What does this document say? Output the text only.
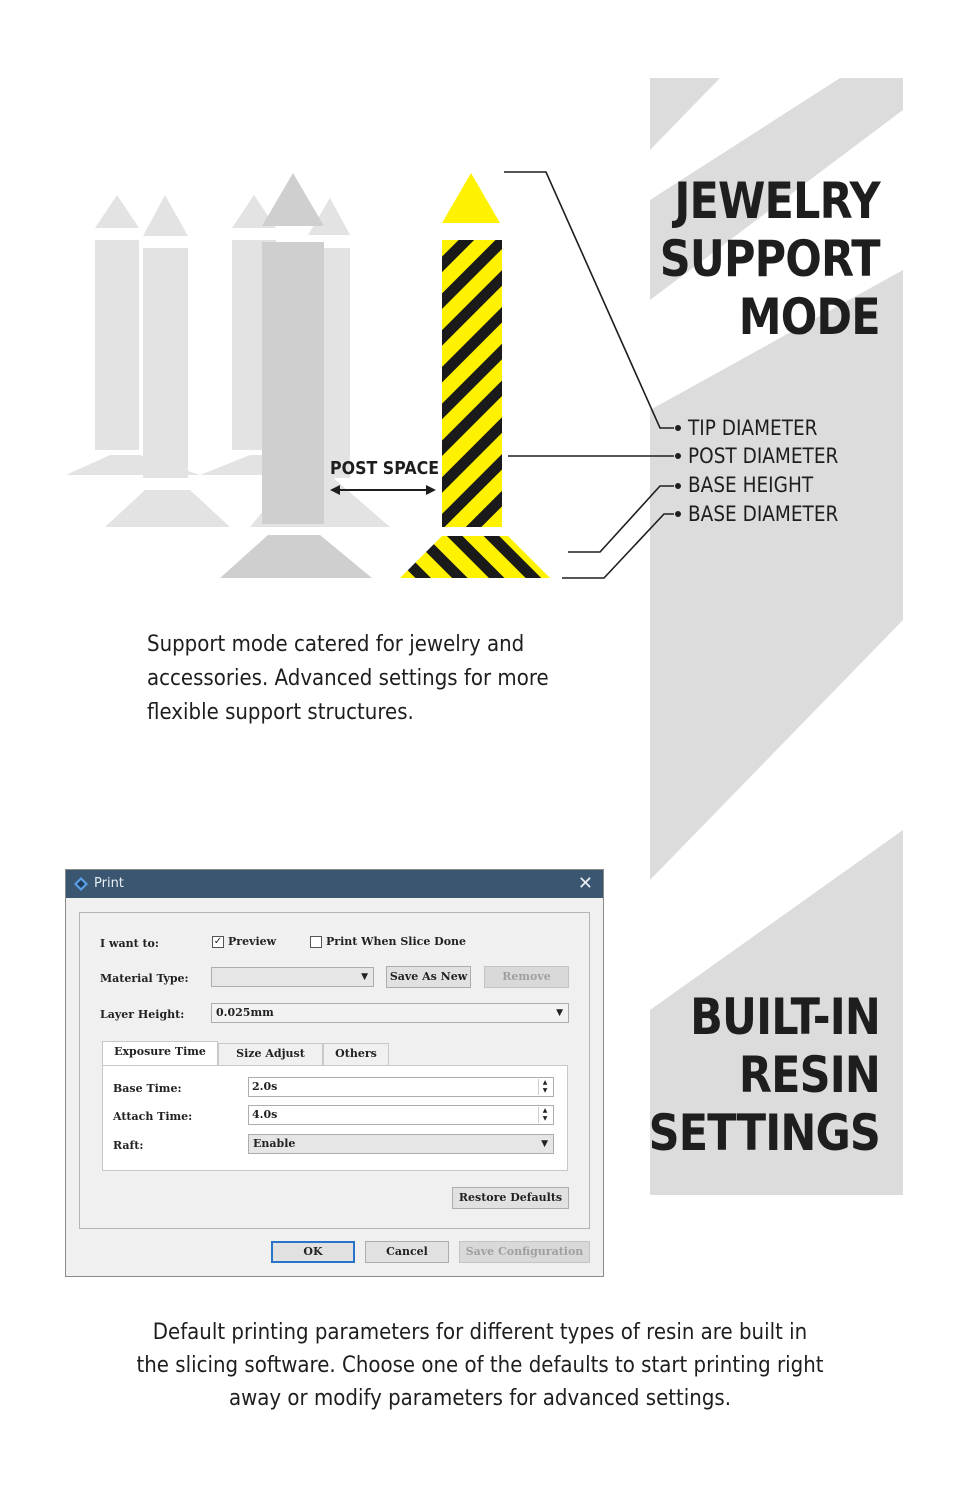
JEWELRY
SUPPORT
MODE
POST SPACE
TIP DIAMETER
POST DIAMETER
BASE HEIGHT
BASE DIAMETER
Support mode catered for jewelry and
accessories. Advanced settings for more
flexible support structures.
BUILT-IN
RESIN
SETTINGS
Print	✕
I want to:	✓ Preview	Print When Slice Done
Material Type:	▼	Save As New	Remove
Layer Height:	0.025mm	▼
Exposure Time	Size Adjust	Others
Base Time:	2.0s	▲
▼
Attach Time:	4.0s	▲
▼
Raft:	Enable	▼
Restore Defaults
OK	Cancel	Save Configuration
Default printing parameters for different types of resin are built in
the slicing software. Choose one of the defaults to start printing right
away or modify parameters for advanced settings.
